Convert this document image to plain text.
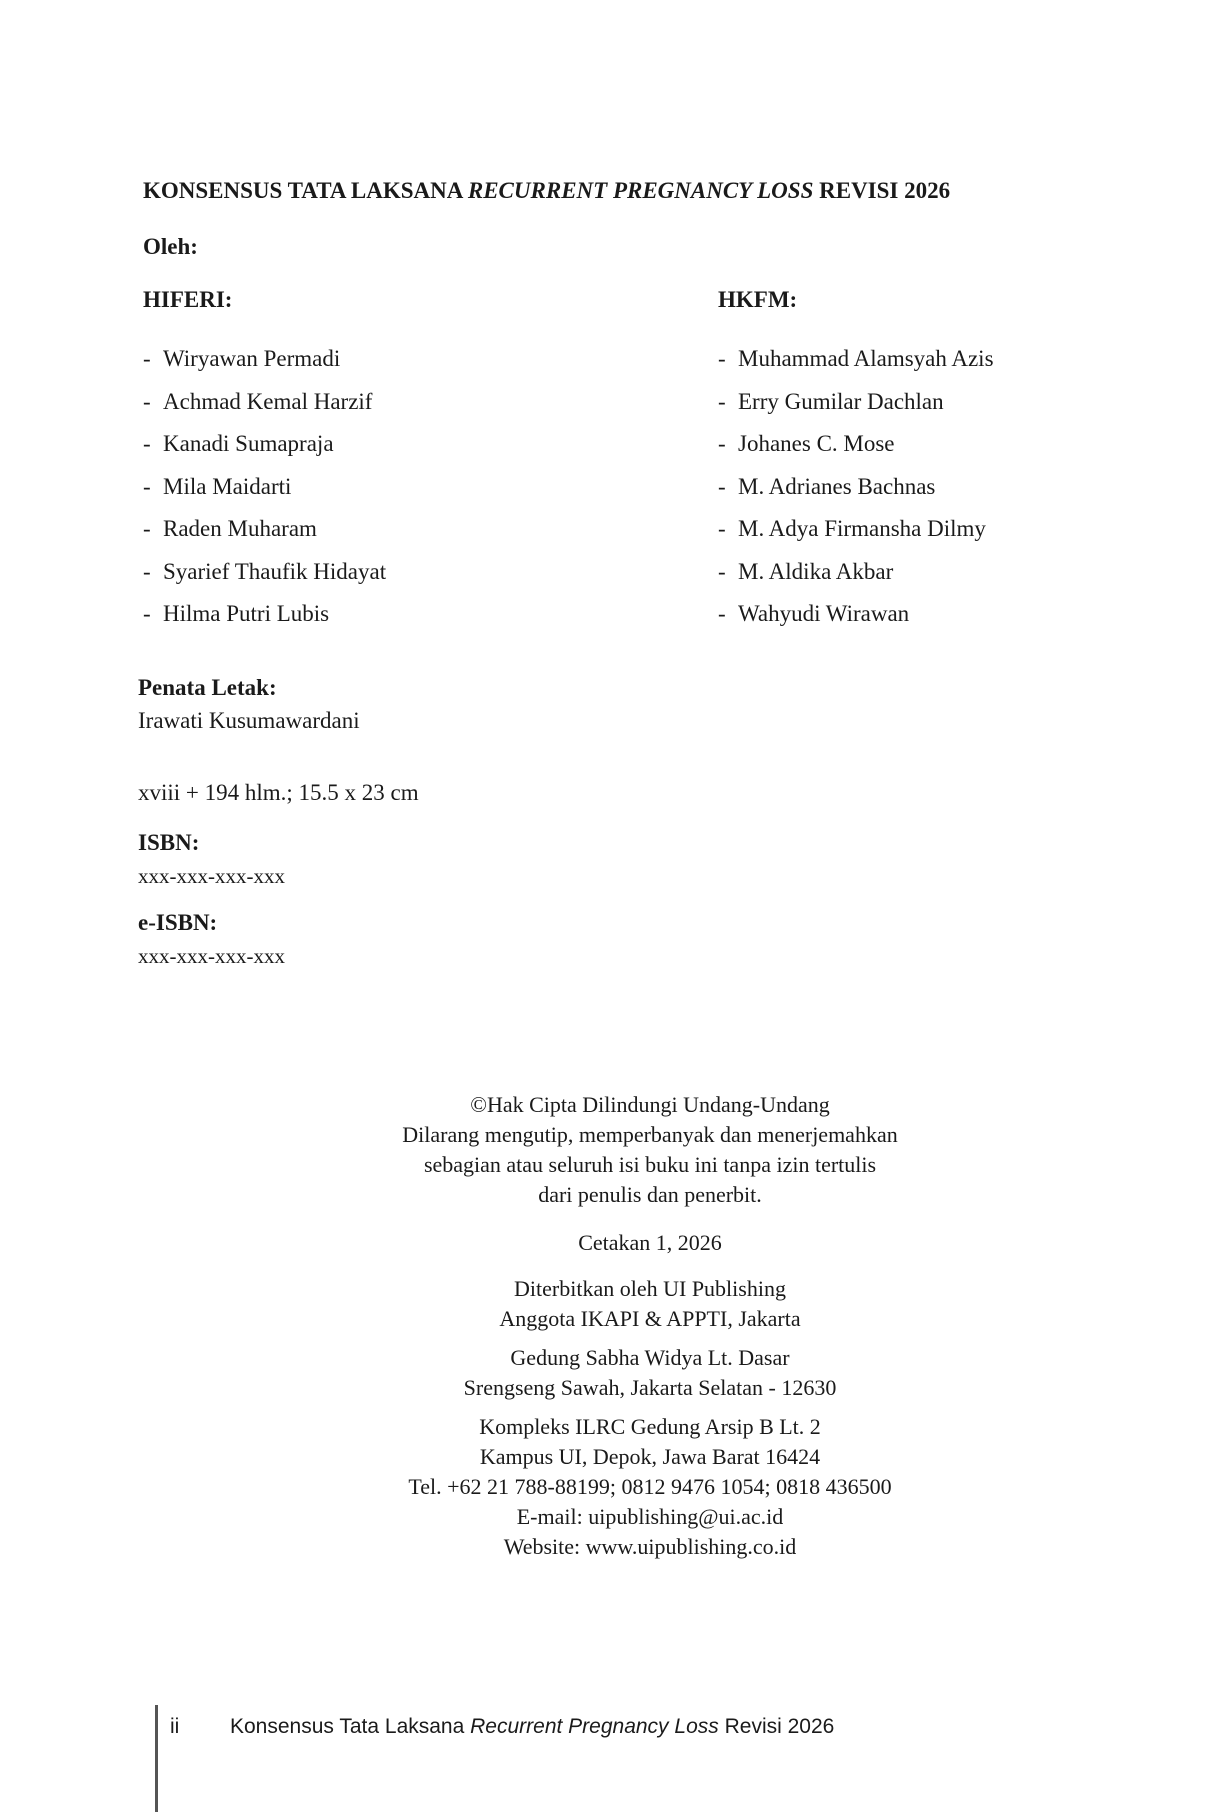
KONSENSUS TATA LAKSANA RECURRENT PREGNANCY LOSS REVISI 2026
Oleh:
HIFERI:	HKFM:
- Wiryawan Permadi
- Achmad Kemal Harzif
- Kanadi Sumapraja
- Mila Maidarti
- Raden Muharam
- Syarief Thaufik Hidayat
- Hilma Putri Lubis
- Muhammad Alamsyah Azis
- Erry Gumilar Dachlan
- Johanes C. Mose
- M. Adrianes Bachnas
- M. Adya Firmansha Dilmy
- M. Aldika Akbar
- Wahyudi Wirawan
Penata Letak:
Irawati Kusumawardani
xviii + 194 hlm.; 15.5 x 23 cm
ISBN:
xxx-xxx-xxx-xxx
e-ISBN:
xxx-xxx-xxx-xxx
©Hak Cipta Dilindungi Undang-Undang
Dilarang mengutip, memperbanyak dan menerjemahkan
sebagian atau seluruh isi buku ini tanpa izin tertulis
dari penulis dan penerbit.
Cetakan 1, 2026
Diterbitkan oleh UI Publishing
Anggota IKAPI & APPTI, Jakarta
Gedung Sabha Widya Lt. Dasar
Srengseng Sawah, Jakarta Selatan - 12630
Kompleks ILRC Gedung Arsip B Lt. 2
Kampus UI, Depok, Jawa Barat 16424
Tel. +62 21 788-88199; 0812 9476 1054; 0818 436500
E-mail: uipublishing@ui.ac.id
Website: www.uipublishing.co.id
ii Konsensus Tata Laksana Recurrent Pregnancy Loss Revisi 2026
